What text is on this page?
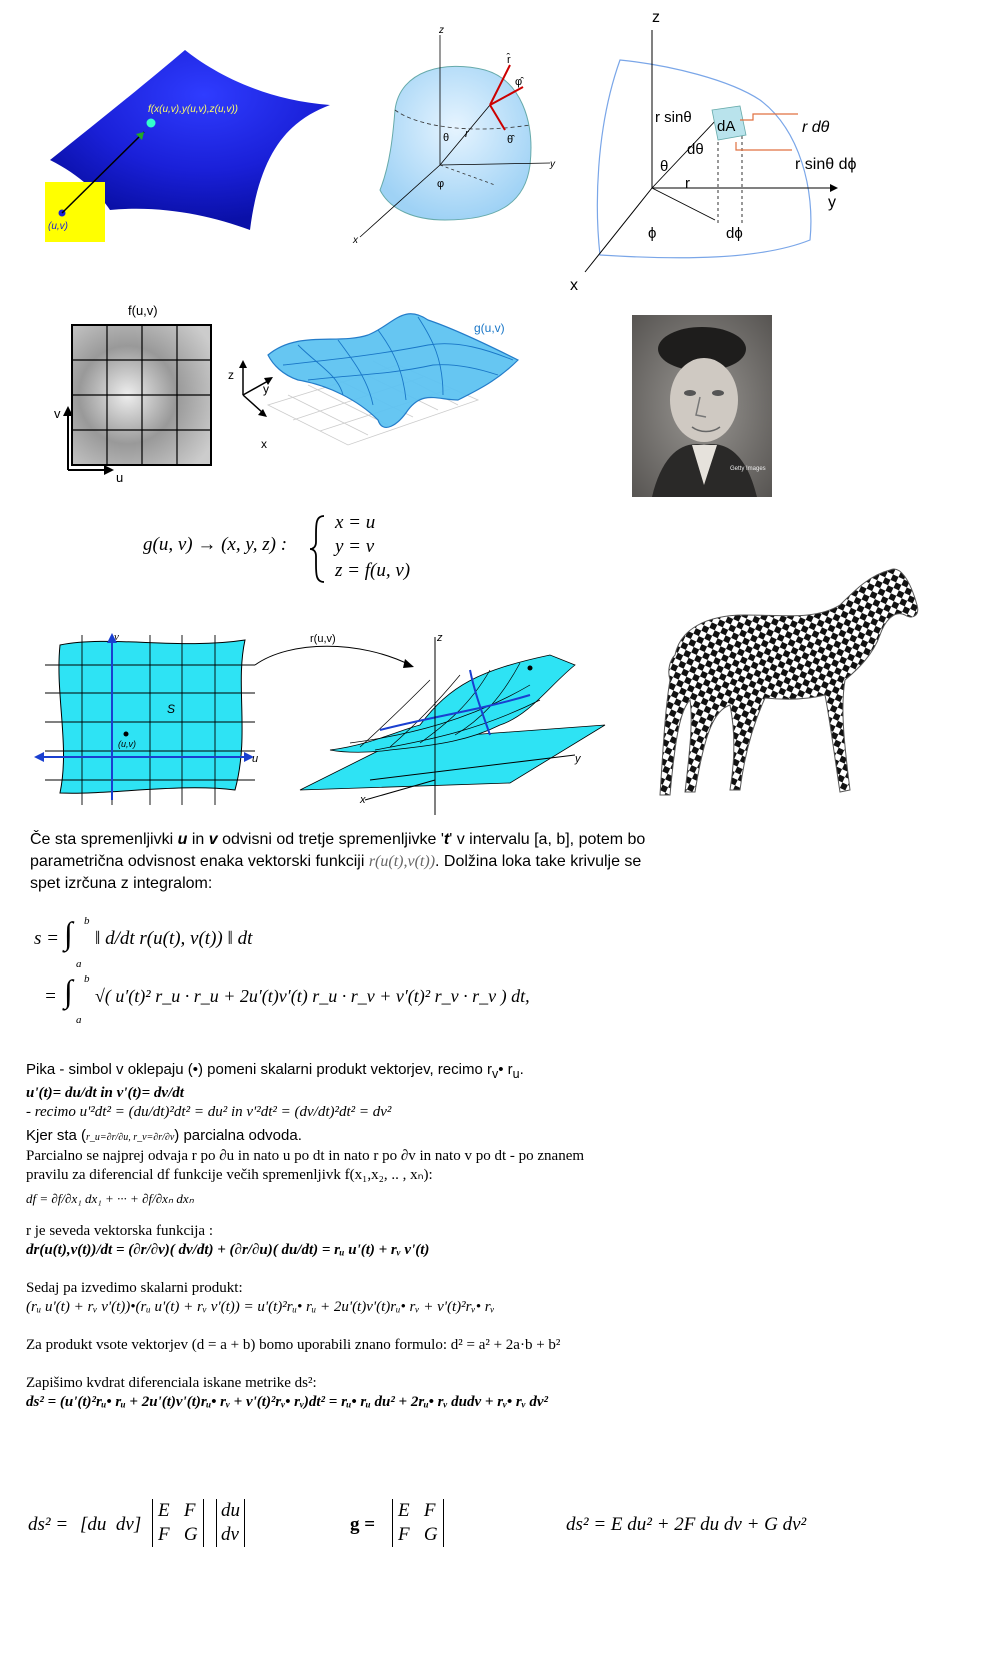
f(x(u,v),y(u,v),z(u,v))
(u,v)
z
x
y
r̂
φ̂
θ̂
θ r
φ
z
y
x
r sinθ
dA
dθ
θ
r
ϕ	dϕ
r dθ
r sinθ dϕ
f(u,v)
v
u
g(u,v)
z
y
x
Getty Images
g(u, v) → (x, y, z) :
x = u
y = v
z = f(u, v)
v
S
(u,v)
u
r(u,v)	z
y
x
Če sta spremenljivki u in v odvisni od tretje spremenljivke 't' v intervalu [a, b], potem bo
parametrična odvisnost enaka vektorski funkciji r(u(t),v(t)). Dolžina loka take krivulje se
spet izrčuna z integralom:
s = ∫ b
a
‖ d/dt r(u(t), v(t)) ‖ dt
= ∫ b
a
√( u′(t)² r_u · r_u + 2u′(t)v′(t) r_u · r_v + v′(t)² r_v · r_v ) dt,
Pika - simbol v oklepaju (•) pomeni skalarni produkt vektorjev, recimo $r_v•$ $r_u$.
u'(t)= du/dt in v'(t)= dv/dt
- recimo u'²dt² = (du/dt)²dt² = du² in v'²dt² = (dv/dt)²dt² = dv²
Kjer sta (r_u=∂r/∂u, r_v=∂r/∂v) parcialna odvoda.
Parcialno se najprej odvaja r po ∂u in nato u po dt in nato r po ∂v in nato v po dt - po znanem
pravilu za diferencial df funkcije večih spremenljivk f(x₁,x₂, .. , xₙ):
df = ∂f/∂x₁ dx₁ + ··· + ∂f/∂xₙ dxₙ
r je seveda vektorska funkcija :
dr(u(t),v(t))/dt = (∂r/∂v)( dv/dt) + (∂r/∂u)( du/dt) = rᵤ u'(t) + rᵥ v'(t)
Sedaj pa izvedimo skalarni produkt:
(rᵤ u'(t) + rᵥ v'(t))•(rᵤ u'(t) + rᵥ v'(t)) = u'(t)²rᵤ• rᵤ + 2u'(t)v'(t)rᵤ• rᵥ + v'(t)²rᵥ• rᵥ
Za produkt vsote vektorjev (d = a + b) bomo uporabili znano formulo: d² = a² + 2a·b + b²
Zapišimo kvdrat diferenciala iskane metrike ds²:
ds² = (u'(t)²rᵤ• rᵤ + 2u'(t)v'(t)rᵤ• rᵥ + v'(t)²rᵥ• rᵥ)dt² = rᵤ• rᵤ du² + 2rᵤ• rᵥ dudv + rᵥ• rᵥ dv²
ds² = [du  dv]
E F
F G
du
dv	g =
E F
F G	ds² = E du² + 2F du dv + G dv²
